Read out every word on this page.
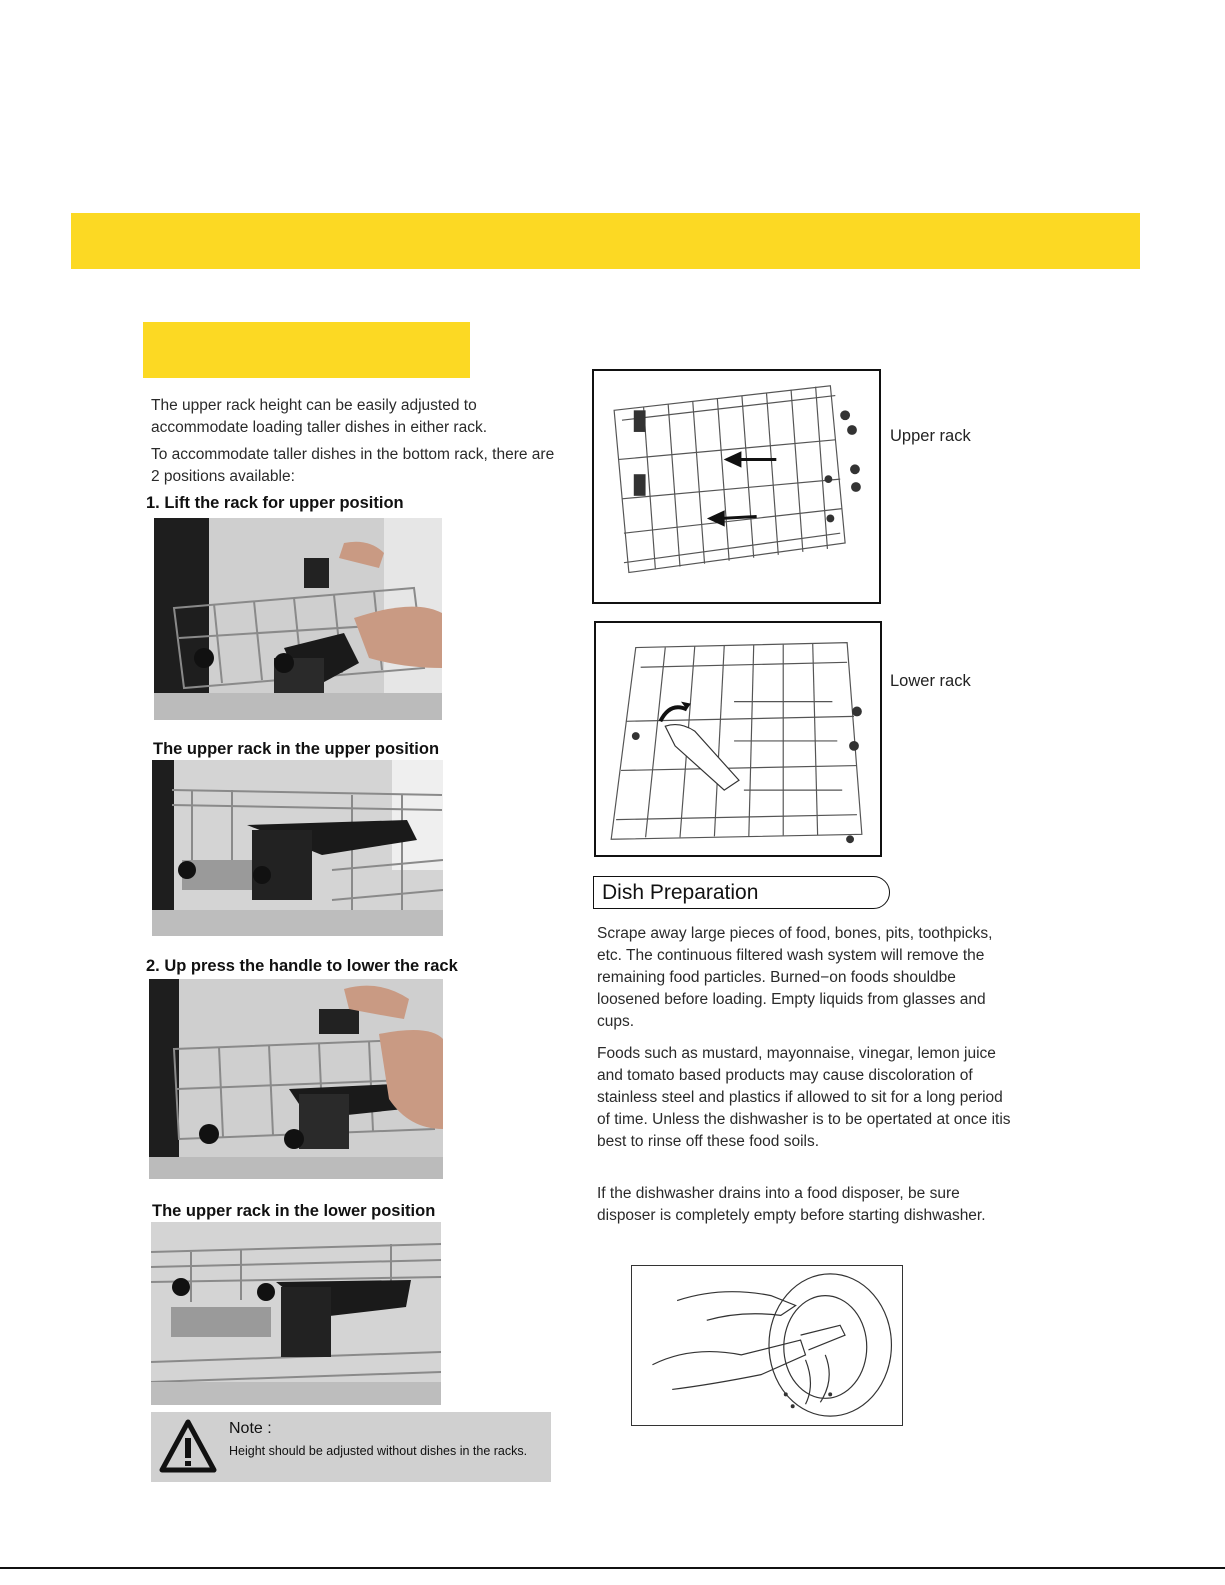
The upper rack height can be easily adjusted to accommodate loading taller dishes in either rack.
To accommodate taller dishes in the bottom rack, there are 2 positions available:
1. Lift the rack for upper position
The upper rack in the upper position
2. Up press the handle to lower the rack
The upper rack in the lower position
Note :
Height should be adjusted without dishes in the racks.
Upper rack
Lower rack
Dish Preparation
Scrape away large pieces of food, bones, pits, toothpicks, etc. The continuous filtered wash system will remove the remaining food particles. Burned−on foods shouldbe loosened before loading. Empty liquids from glasses and cups.
Foods such as mustard, mayonnaise, vinegar, lemon juice and tomato based products may cause discoloration of stainless steel and plastics if allowed to sit for a long period of time. Unless the dishwasher is to be opertated at once itis best to rinse off these food soils.
If the dishwasher drains into a food disposer, be sure disposer is completely empty before starting dishwasher.
